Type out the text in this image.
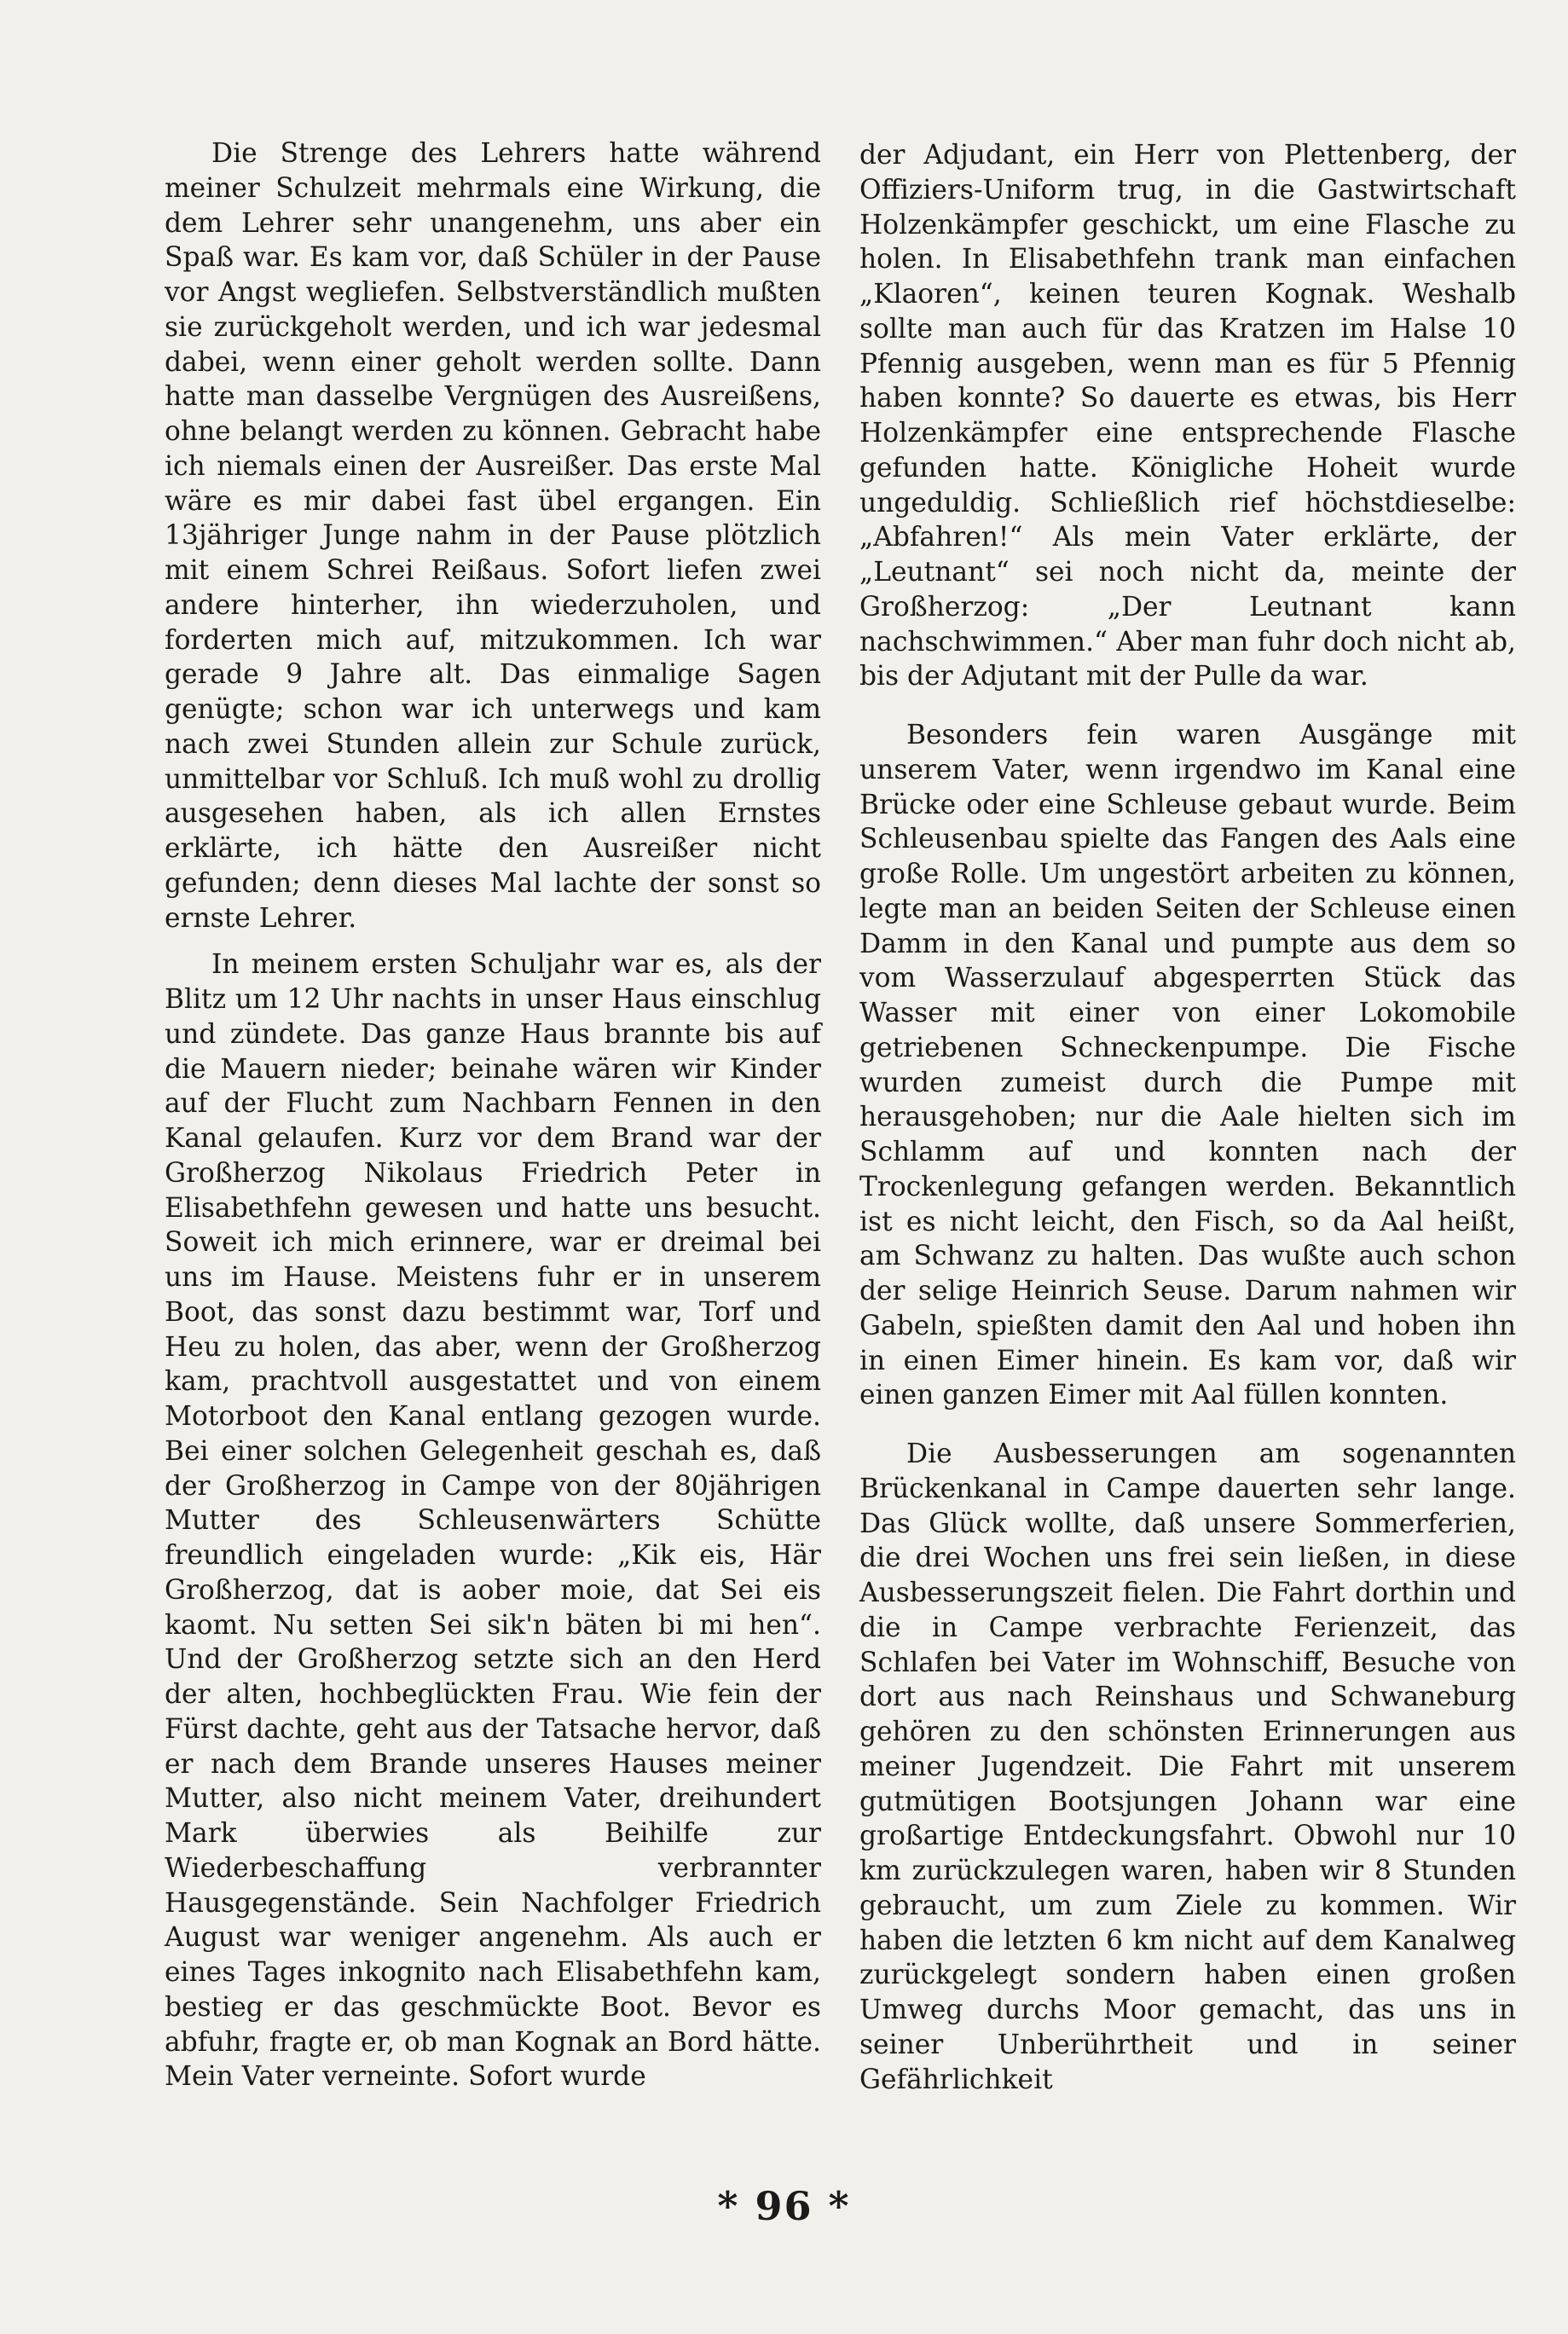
Die Strenge des Lehrers hatte während meiner Schulzeit mehrmals eine Wirkung, die dem Lehrer sehr unangenehm, uns aber ein Spaß war. Es kam vor, daß Schüler in der Pause vor Angst wegliefen. Selbstverständlich mußten sie zurückgeholt werden, und ich war jedesmal dabei, wenn einer geholt werden sollte. Dann hatte man dasselbe Vergnügen des Ausreißens, ohne belangt werden zu können. Gebracht habe ich niemals einen der Ausreißer. Das erste Mal wäre es mir dabei fast übel ergangen. Ein 13jähriger Junge nahm in der Pause plötzlich mit einem Schrei Reißaus. Sofort liefen zwei andere hinterher, ihn wiederzuholen, und forderten mich auf, mitzukommen. Ich war gerade 9 Jahre alt. Das einmalige Sagen genügte; schon war ich unterwegs und kam nach zwei Stunden allein zur Schule zurück, unmittelbar vor Schluß. Ich muß wohl zu drollig ausgesehen haben, als ich allen Ernstes erklärte, ich hätte den Ausreißer nicht gefunden; denn dieses Mal lachte der sonst so ernste Lehrer.

In meinem ersten Schuljahr war es, als der Blitz um 12 Uhr nachts in unser Haus einschlug und zündete. Das ganze Haus brannte bis auf die Mauern nieder; beinahe wären wir Kinder auf der Flucht zum Nachbarn Fennen in den Kanal gelaufen. Kurz vor dem Brand war der Großherzog Nikolaus Friedrich Peter in Elisabethfehn gewesen und hatte uns besucht. Soweit ich mich erinnere, war er dreimal bei uns im Hause. Meistens fuhr er in unserem Boot, das sonst dazu bestimmt war, Torf und Heu zu holen, das aber, wenn der Großherzog kam, prachtvoll ausgestattet und von einem Motorboot den Kanal entlang gezogen wurde. Bei einer solchen Gelegenheit geschah es, daß der Großherzog in Campe von der 80jährigen Mutter des Schleusenwärters Schütte freundlich eingeladen wurde: „Kik eis, Här Großherzog, dat is aober moie, dat Sei eis kaomt. Nu setten Sei sik'n bäten bi mi hen“. Und der Großherzog setzte sich an den Herd der alten, hochbeglückten Frau. Wie fein der Fürst dachte, geht aus der Tatsache hervor, daß er nach dem Brande unseres Hauses meiner Mutter, also nicht meinem Vater, dreihundert Mark überwies als Beihilfe zur Wiederbeschaffung verbrannter Hausgegenstände. Sein Nachfolger Friedrich August war weniger angenehm. Als auch er eines Tages inkognito nach Elisabethfehn kam, bestieg er das geschmückte Boot. Bevor es abfuhr, fragte er, ob man Kognak an Bord hätte. Mein Vater verneinte. Sofort wurde

der Adjudant, ein Herr von Plettenberg, der Offiziers-Uniform trug, in die Gastwirtschaft Holzenkämpfer geschickt, um eine Flasche zu holen. In Elisabethfehn trank man einfachen „Klaoren“, keinen teuren Kognak. Weshalb sollte man auch für das Kratzen im Halse 10 Pfennig ausgeben, wenn man es für 5 Pfennig haben konnte? So dauerte es etwas, bis Herr Holzenkämpfer eine entsprechende Flasche gefunden hatte. Königliche Hoheit wurde ungeduldig. Schließlich rief höchstdieselbe: „Abfahren!“ Als mein Vater erklärte, der „Leutnant“ sei noch nicht da, meinte der Großherzog: „Der Leutnant kann nachschwimmen.“ Aber man fuhr doch nicht ab, bis der Adjutant mit der Pulle da war.

Besonders fein waren Ausgänge mit unserem Vater, wenn irgendwo im Kanal eine Brücke oder eine Schleuse gebaut wurde. Beim Schleusenbau spielte das Fangen des Aals eine große Rolle. Um ungestört arbeiten zu können, legte man an beiden Seiten der Schleuse einen Damm in den Kanal und pumpte aus dem so vom Wasserzulauf abgesperrten Stück das Wasser mit einer von einer Lokomobile getriebenen Schneckenpumpe. Die Fische wurden zumeist durch die Pumpe mit herausgehoben; nur die Aale hielten sich im Schlamm auf und konnten nach der Trockenlegung gefangen werden. Bekanntlich ist es nicht leicht, den Fisch, so da Aal heißt, am Schwanz zu halten. Das wußte auch schon der selige Heinrich Seuse. Darum nahmen wir Gabeln, spießten damit den Aal und hoben ihn in einen Eimer hinein. Es kam vor, daß wir einen ganzen Eimer mit Aal füllen konnten.

Die Ausbesserungen am sogenannten Brückenkanal in Campe dauerten sehr lange. Das Glück wollte, daß unsere Sommerferien, die drei Wochen uns frei sein ließen, in diese Ausbesserungszeit fielen. Die Fahrt dorthin und die in Campe verbrachte Ferienzeit, das Schlafen bei Vater im Wohnschiff, Besuche von dort aus nach Reinshaus und Schwaneburg gehören zu den schönsten Erinnerungen aus meiner Jugendzeit. Die Fahrt mit unserem gutmütigen Bootsjungen Johann war eine großartige Entdeckungsfahrt. Obwohl nur 10 km zurückzulegen waren, haben wir 8 Stunden gebraucht, um zum Ziele zu kommen. Wir haben die letzten 6 km nicht auf dem Kanalweg zurückgelegt sondern haben einen großen Umweg durchs Moor gemacht, das uns in seiner Unberührtheit und in seiner Gefährlichkeit

* 96 *
